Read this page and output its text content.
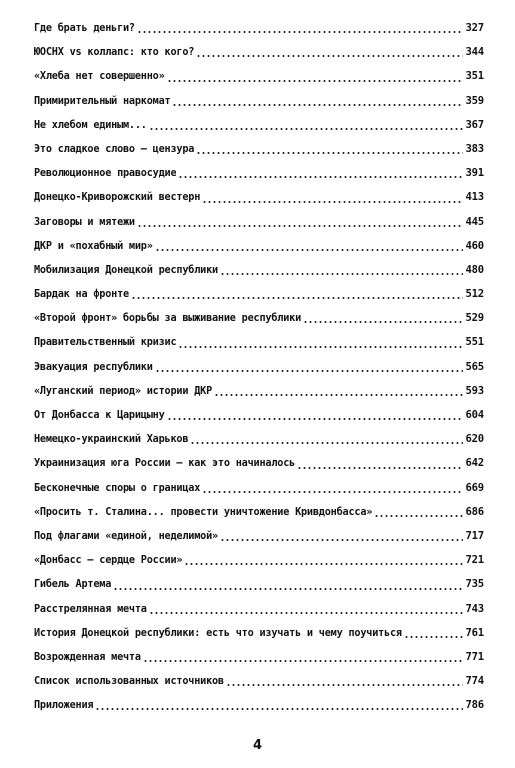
Где брать деньги?	327
ЮОСНХ vs коллапс: кто кого?	344
«Хлеба нет совершенно»	351
Примирительный наркомат	359
Не хлебом единым...	367
Это сладкое слово – цензура	383
Революционное правосудие	391
Донецко-Криворожский вестерн	413
Заговоры и мятежи	445
ДКР и «похабный мир»	460
Мобилизация Донецкой республики	480
Бардак на фронте	512
«Второй фронт» борьбы за выживание республики	529
Правительственный кризис	551
Эвакуация республики	565
«Луганский период» истории ДКР	593
От Донбасса к Царицыну	604
Немецко-украинский Харьков	620
Украинизация юга России – как это начиналось	642
Бесконечные споры о границах	669
«Просить т. Сталина... провести уничтожение Кривдонбасса»	686
Под флагами «единой, неделимой»	717
«Донбасс – сердце России»	721
Гибель Артема	735
Расстрелянная мечта	743
История Донецкой республики: есть что изучать и чему поучиться	761
Возрожденная мечта	771
Список использованных источников	774
Приложения	786
4
